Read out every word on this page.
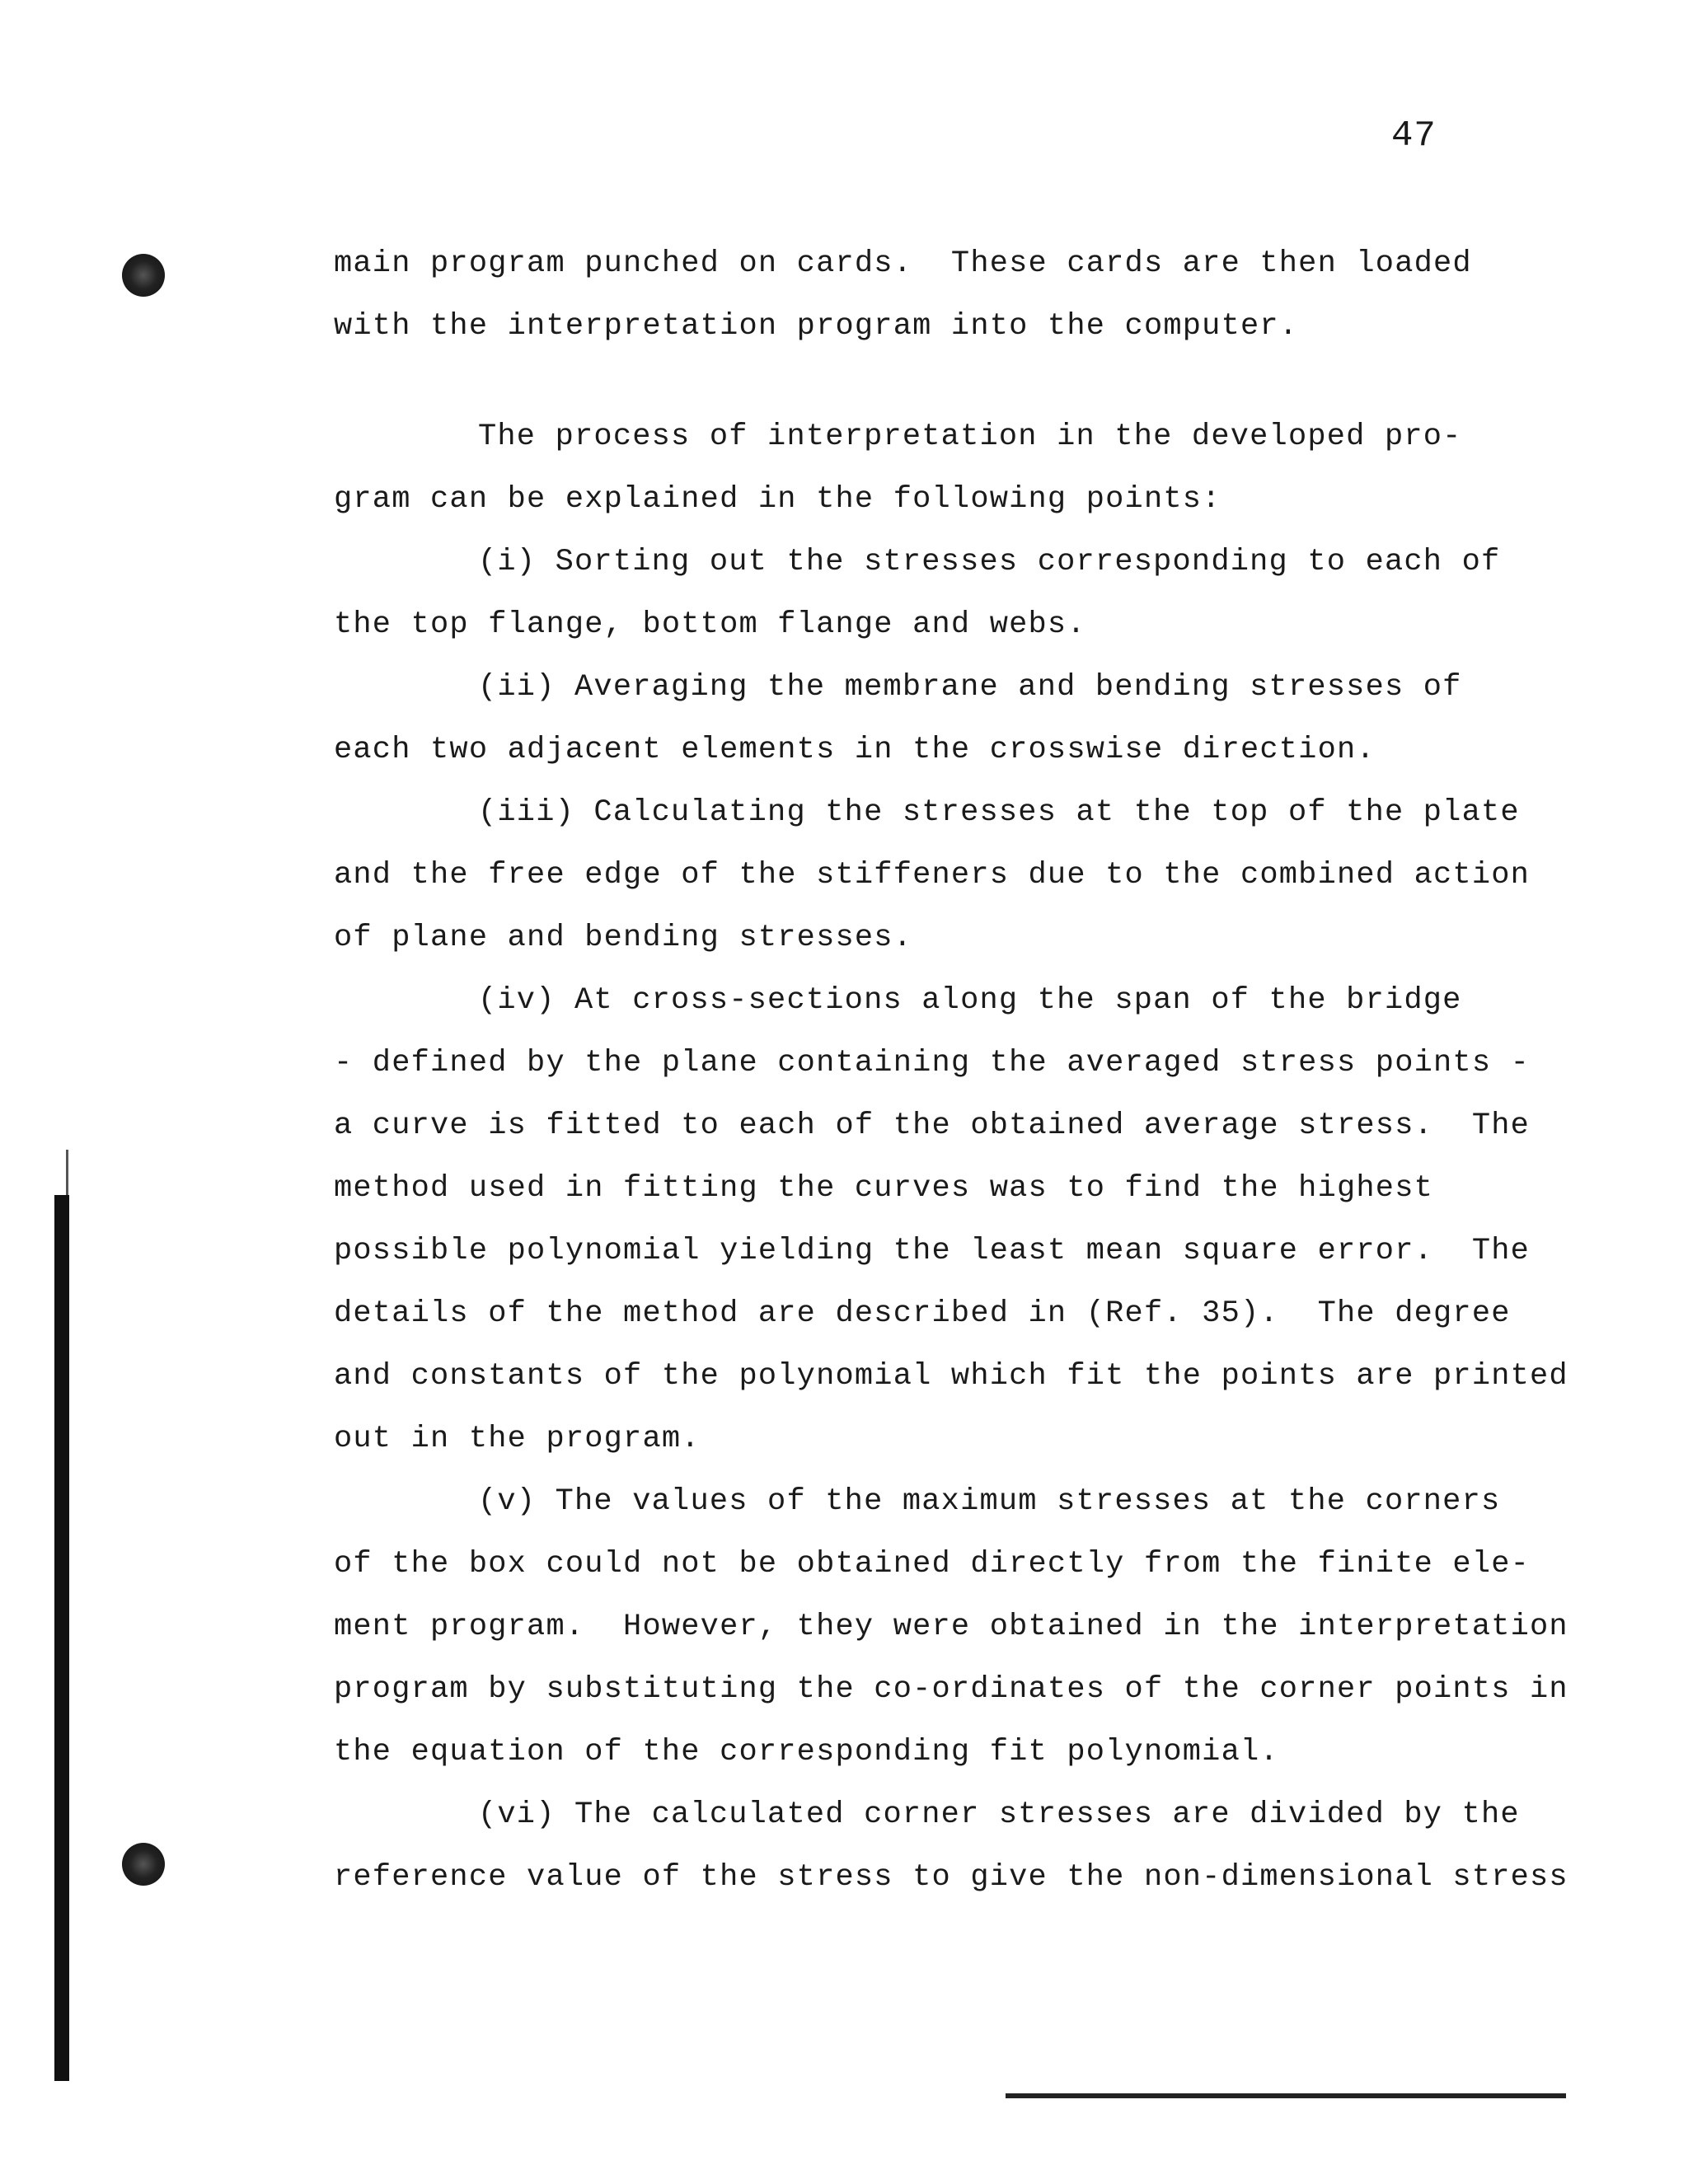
47
main program punched on cards.  These cards are then loaded
with the interpretation program into the computer.
The process of interpretation in the developed pro-
gram can be explained in the following points:
(i) Sorting out the stresses corresponding to each of
the top flange, bottom flange and webs.
(ii) Averaging the membrane and bending stresses of
each two adjacent elements in the crosswise direction.
(iii) Calculating the stresses at the top of the plate
and the free edge of the stiffeners due to the combined action
of plane and bending stresses.
(iv) At cross-sections along the span of the bridge
- defined by the plane containing the averaged stress points -
a curve is fitted to each of the obtained average stress.  The
method used in fitting the curves was to find the highest
possible polynomial yielding the least mean square error.  The
details of the method are described in (Ref. 35).  The degree
and constants of the polynomial which fit the points are printed
out in the program.
(v) The values of the maximum stresses at the corners
of the box could not be obtained directly from the finite ele-
ment program.  However, they were obtained in the interpretation
program by substituting the co-ordinates of the corner points in
the equation of the corresponding fit polynomial.
(vi) The calculated corner stresses are divided by the
reference value of the stress to give the non-dimensional stress
